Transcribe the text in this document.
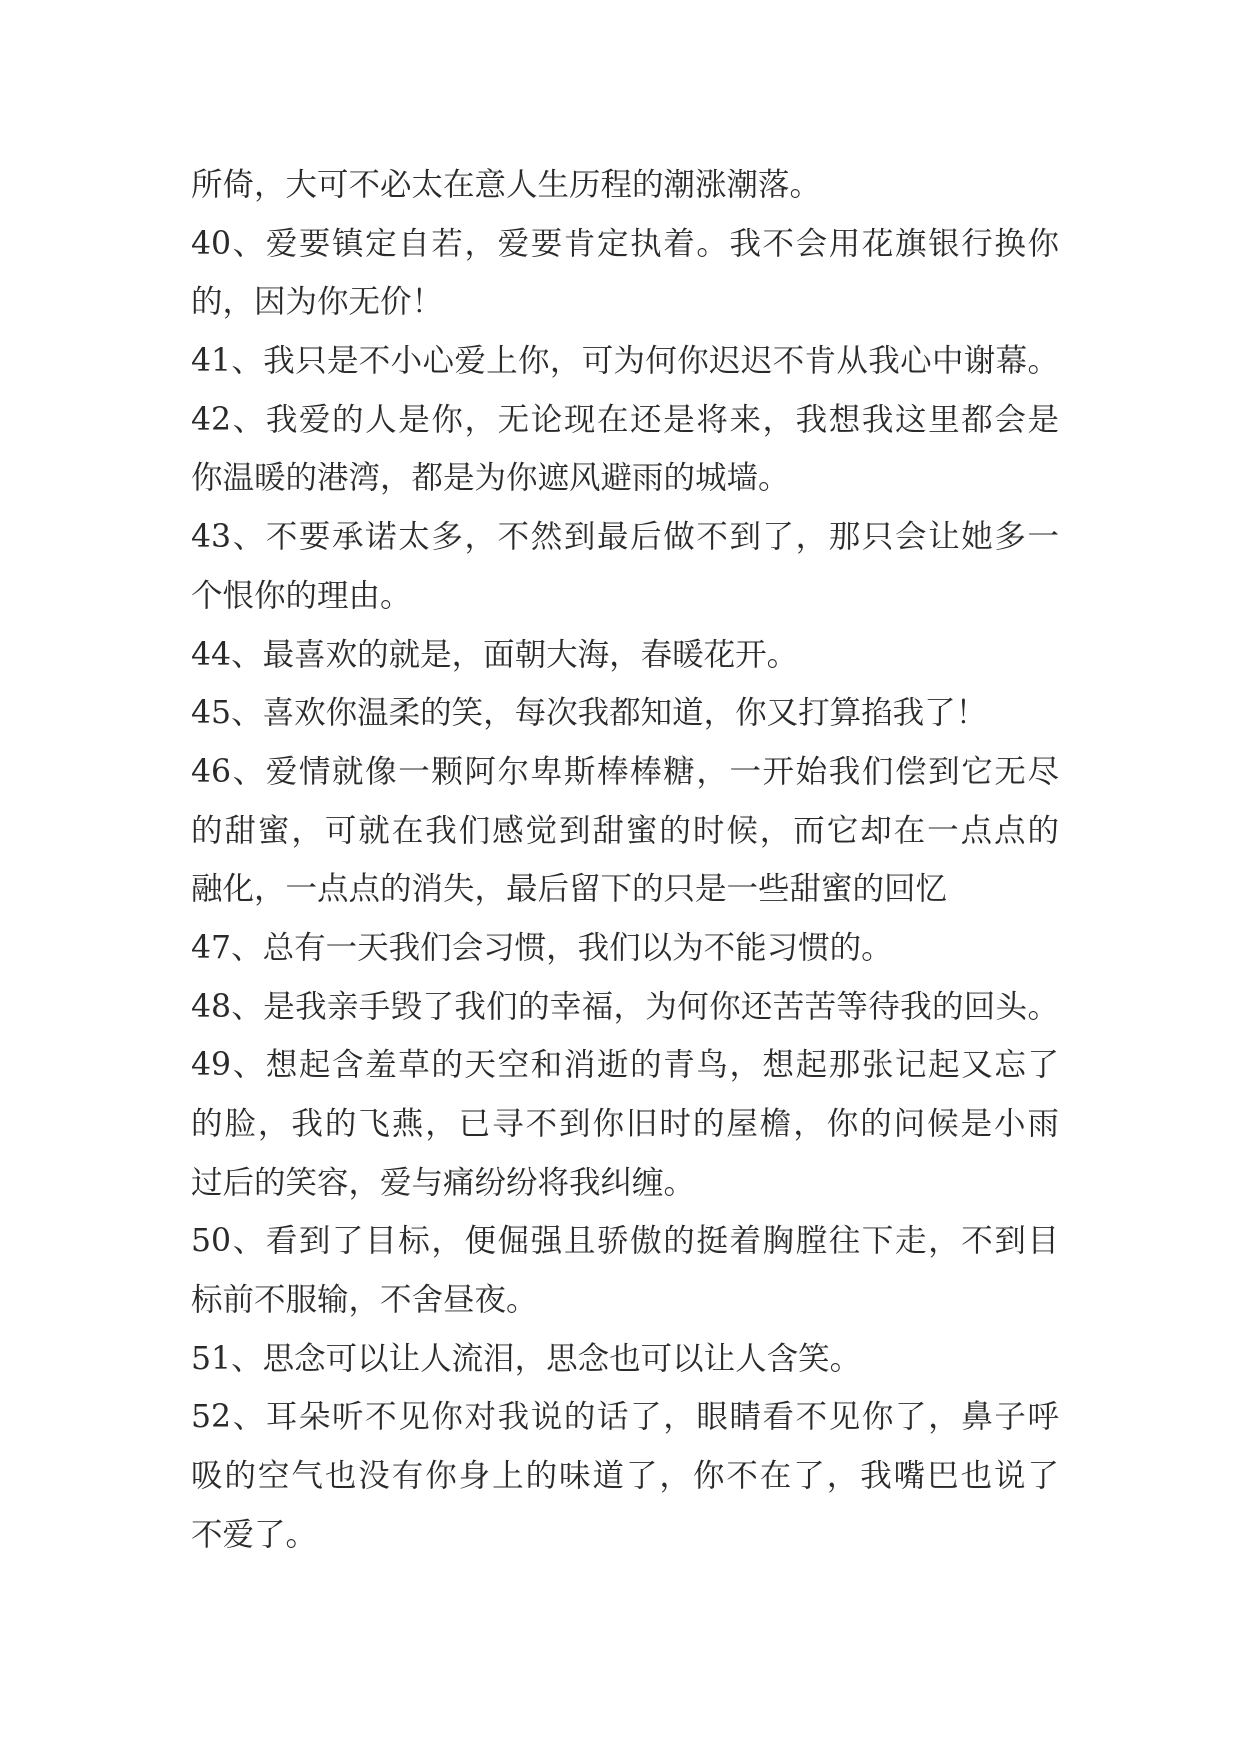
所倚，大可不必太在意人生历程的潮涨潮落。
40、爱要镇定自若，爱要肯定执着。我不会用花旗银行换你
的，因为你无价！
41、我只是不小心爱上你，可为何你迟迟不肯从我心中谢幕。
42、我爱的人是你，无论现在还是将来，我想我这里都会是
你温暖的港湾，都是为你遮风避雨的城墙。
43、不要承诺太多，不然到最后做不到了，那只会让她多一
个恨你的理由。
44、最喜欢的就是，面朝大海，春暖花开。
45、喜欢你温柔的笑，每次我都知道，你又打算掐我了！
46、爱情就像一颗阿尔卑斯棒棒糖，一开始我们偿到它无尽
的甜蜜，可就在我们感觉到甜蜜的时候，而它却在一点点的
融化，一点点的消失，最后留下的只是一些甜蜜的回忆
47、总有一天我们会习惯，我们以为不能习惯的。
48、是我亲手毁了我们的幸福，为何你还苦苦等待我的回头。
49、想起含羞草的天空和消逝的青鸟，想起那张记起又忘了
的脸，我的飞燕，已寻不到你旧时的屋檐，你的问候是小雨
过后的笑容，爱与痛纷纷将我纠缠。
50、看到了目标，便倔强且骄傲的挺着胸膛往下走，不到目
标前不服输，不舍昼夜。
51、思念可以让人流泪，思念也可以让人含笑。
52、耳朵听不见你对我说的话了，眼睛看不见你了，鼻子呼
吸的空气也没有你身上的味道了，你不在了，我嘴巴也说了
不爱了。
